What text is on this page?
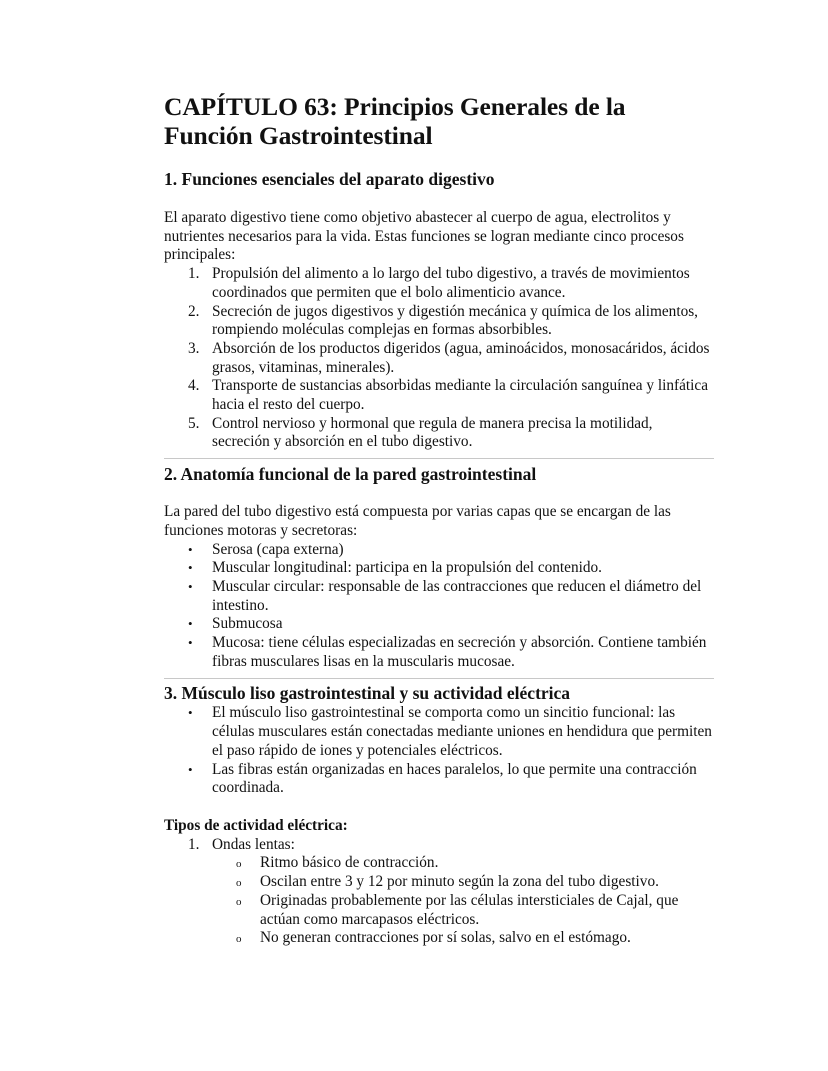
CAPÍTULO 63: Principios Generales de la Función Gastrointestinal
1. Funciones esenciales del aparato digestivo

El aparato digestivo tiene como objetivo abastecer al cuerpo de agua, electrolitos y nutrientes necesarios para la vida. Estas funciones se logran mediante cinco procesos principales:

1. Propulsión del alimento a lo largo del tubo digestivo, a través de movimientos coordinados que permiten que el bolo alimenticio avance.
2. Secreción de jugos digestivos y digestión mecánica y química de los alimentos, rompiendo moléculas complejas en formas absorbibles.
3. Absorción de los productos digeridos (agua, aminoácidos, monosacáridos, ácidos grasos, vitaminas, minerales).
4. Transporte de sustancias absorbidas mediante la circulación sanguínea y linfática hacia el resto del cuerpo.
5. Control nervioso y hormonal que regula de manera precisa la motilidad, secreción y absorción en el tubo digestivo.
2. Anatomía funcional de la pared gastrointestinal

La pared del tubo digestivo está compuesta por varias capas que se encargan de las funciones motoras y secretoras:

•	Serosa (capa externa)
•	Muscular longitudinal: participa en la propulsión del contenido.
•	Muscular circular: responsable de las contracciones que reducen el diámetro del intestino.
•	Submucosa
•	Mucosa: tiene células especializadas en secreción y absorción. Contiene también fibras musculares lisas en la muscularis mucosae.
3. Músculo liso gastrointestinal y su actividad eléctrica
•	El músculo liso gastrointestinal se comporta como un sincitio funcional: las células musculares están conectadas mediante uniones en hendidura que permiten el paso rápido de iones y potenciales eléctricos.
•	Las fibras están organizadas en haces paralelos, lo que permite una contracción coordinada.
Tipos de actividad eléctrica:
1. Ondas lentas:
o	Ritmo básico de contracción.
o	Oscilan entre 3 y 12 por minuto según la zona del tubo digestivo.
o	Originadas probablemente por las células intersticiales de Cajal, que actúan como marcapasos eléctricos.
o	No generan contracciones por sí solas, salvo en el estómago.
